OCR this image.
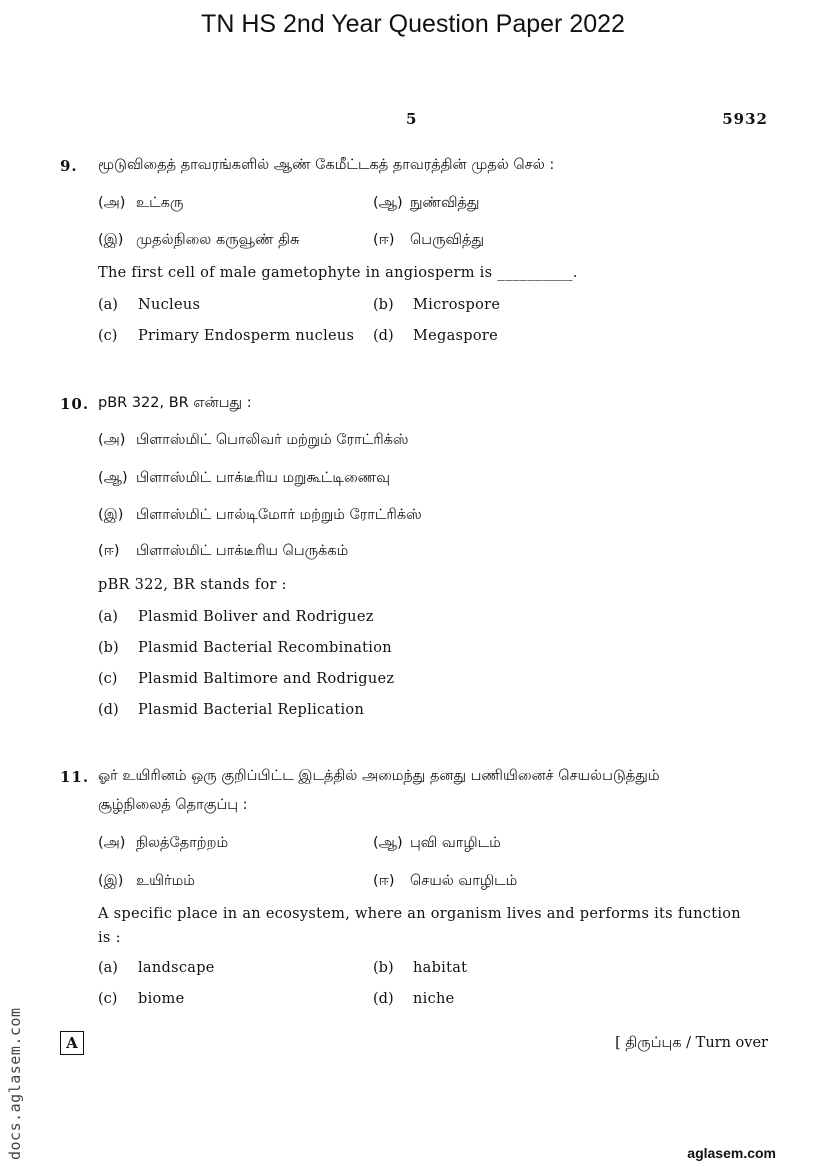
TN HS 2nd Year Question Paper 2022
5	5932
9. மூடுவிதைத் தாவரங்களில் ஆண் கேமீட்டகத் தாவரத்தின் முதல் செல் :
(அ) உட்கரு	(ஆ) நுண்வித்து
(இ) முதல்நிலை கருவூண் திசு	(ஈ) பெருவித்து
The first cell of male gametophyte in angiosperm is __________.
(a) Nucleus	(b) Microspore
(c) Primary Endosperm nucleus (d) Megaspore
10. pBR 322, BR என்பது :
(அ) பிளாஸ்மிட் பொலிவர் மற்றும் ரோட்ரிக்ஸ்
(ஆ) பிளாஸ்மிட் பாக்டீரிய மறுகூட்டிணைவு
(இ) பிளாஸ்மிட் பால்டிமோர் மற்றும் ரோட்ரிக்ஸ்
(ஈ) பிளாஸ்மிட் பாக்டீரிய பெருக்கம்
pBR 322, BR stands for :
(a) Plasmid Boliver and Rodriguez
(b) Plasmid Bacterial Recombination
(c) Plasmid Baltimore and Rodriguez
(d) Plasmid Bacterial Replication
11. ஓர் உயிரினம் ஒரு குறிப்பிட்ட இடத்தில் அமைந்து தனது பணியினைச் செயல்படுத்தும்
சூழ்நிலைத் தொகுப்பு :
(அ) நிலத்தோற்றம்	(ஆ) புவி வாழிடம்
(இ) உயிர்மம்	(ஈ) செயல் வாழிடம்
A specific place in an ecosystem, where an organism lives and performs its function
is :
(a) landscape	(b) habitat
(c) biome	(d) niche
A	[ திருப்புக / Turn over
docs.aglasem.com	aglasem.com
